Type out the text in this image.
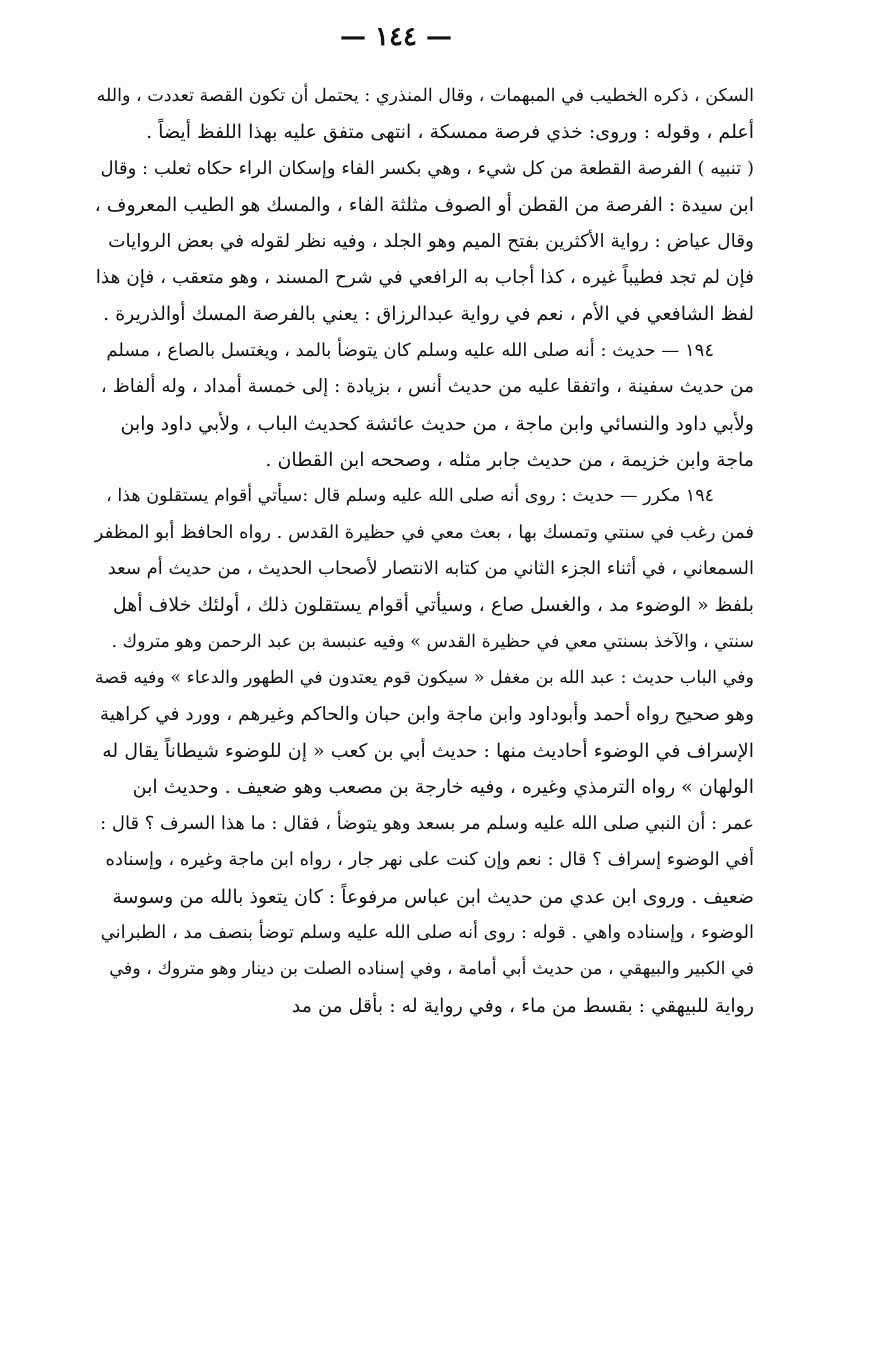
— ١٤٤ —
السكن ، ذكره الخطيب في المبهمات ، وقال المنذري : يحتمل أن تكون القصة تعددت ، والله
أعلم ، وقوله : وروى: خذي فرصة ممسكة ، انتهى متفق عليه بهذا اللفظ أيضاً .
( تنبيه ) الفرصة القطعة من كل شيء ، وهي بكسر الفاء وإسكان الراء حكاه ثعلب : وقال
ابن سيدة : الفرصة من القطن أو الصوف مثلثة الفاء ، والمسك هو الطيب المعروف ،
وقال عياض : رواية الأكثرين بفتح الميم وهو الجلد ، وفيه نظر لقوله في بعض الروايات
فإن لم تجد فطيباً غيره ، كذا أجاب به الرافعي في شرح المسند ، وهو متعقب ، فإن هذا
لفظ الشافعي في الأم ، نعم في رواية عبدالرزاق : يعني بالفرصة المسك أوالذريرة .
١٩٤ — حديث : أنه صلى الله عليه وسلم كان يتوضأ بالمد ، ويغتسل بالصاع ، مسلم
من حديث سفينة ، واتفقا عليه من حديث أنس ، بزيادة : إلى خمسة أمداد ، وله ألفاظ ،
ولأبي داود والنسائي وابن ماجة ، من حديث عائشة كحديث الباب ، ولأبي داود وابن
ماجة وابن خزيمة ، من حديث جابر مثله ، وصححه ابن القطان .
١٩٤ مكرر — حديث : روى أنه صلى الله عليه وسلم قال :سيأتي أقوام يستقلون هذا ،
فمن رغب في سنتي وتمسك بها ، بعث معي في حظيرة القدس . رواه الحافظ أبو المظفر
السمعاني ، في أثناء الجزء الثاني من كتابه الانتصار لأصحاب الحديث ، من حديث أم سعد
بلفظ « الوضوء مد ، والغسل صاع ، وسيأتي أقوام يستقلون ذلك ، أولئك خلاف أهل
سنتي ، والآخذ بسنتي معي في حظيرة القدس » وفيه عنبسة بن عبد الرحمن وهو متروك .
وفي الباب حديث : عبد الله بن مغفل « سيكون قوم يعتدون في الطهور والدعاء » وفيه قصة
وهو صحيح رواه أحمد وأبوداود وابن ماجة وابن حبان والحاكم وغيرهم ، وورد في كراهية
الإسراف في الوضوء أحاديث منها : حديث أبي بن كعب « إن للوضوء شيطاناً يقال له
الولهان » رواه الترمذي وغيره ، وفيه خارجة بن مصعب وهو ضعيف . وحديث ابن
عمر : أن النبي صلى الله عليه وسلم مر بسعد وهو يتوضأ ، فقال : ما هذا السرف ؟ قال :
أفي الوضوء إسراف ؟ قال : نعم وإن كنت على نهر جار ، رواه ابن ماجة وغيره ، وإسناده
ضعيف . وروى ابن عدي من حديث ابن عباس مرفوعاً : كان يتعوذ بالله من وسوسة
الوضوء ، وإسناده واهي . قوله : روى أنه صلى الله عليه وسلم توضأ بنصف مد ، الطبراني
في الكبير والبيهقي ، من حديث أبي أمامة ، وفي إسناده الصلت بن دينار وهو متروك ، وفي
رواية للبيهقي : بقسط من ماء ، وفي رواية له : بأقل من مد
